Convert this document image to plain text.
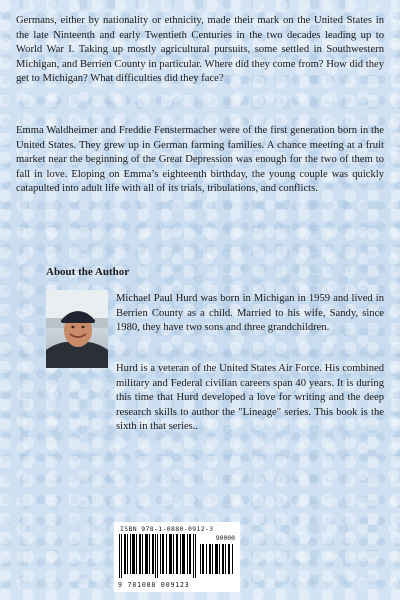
Germans, either by nationality or ethnicity, made their mark on the United States in the late Ninteenth and early Twentieth Centuries in the two decades leading up to World War I. Taking up mostly agricultural pursuits, some settled in Southwestern Michigan, and Berrien County in particular. Where did they come from? How did they get to Michigan? What difficulties did they face?

Emma Waldheimer and Freddie Fenstermacher were of the first generation born in the United States. They grew up in German farming families. A chance meeting at a fruit market near the beginning of the Great Depression was enough for the two of them to fall in love. Eloping on Emma’s eighteenth birthday, the young couple was quickly catapulted into adult life with all of its trials, tribulations, and conflicts.

About the Author

Michael Paul Hurd was born in Michigan in 1959 and lived in Berrien County as a child. Married to his wife, Sandy, since 1980, they have two sons and three grandchildren.

Hurd is a veteran of the United States Air Force. His combined military and Federal civilian careers span 40 years. It is during this time that Hurd developed a love for writing and the deep research skills to author the "Lineage" series. This book is the sixth in that series..

ISBN 978-1-0880-0912-3
90000
9 781088 009123
